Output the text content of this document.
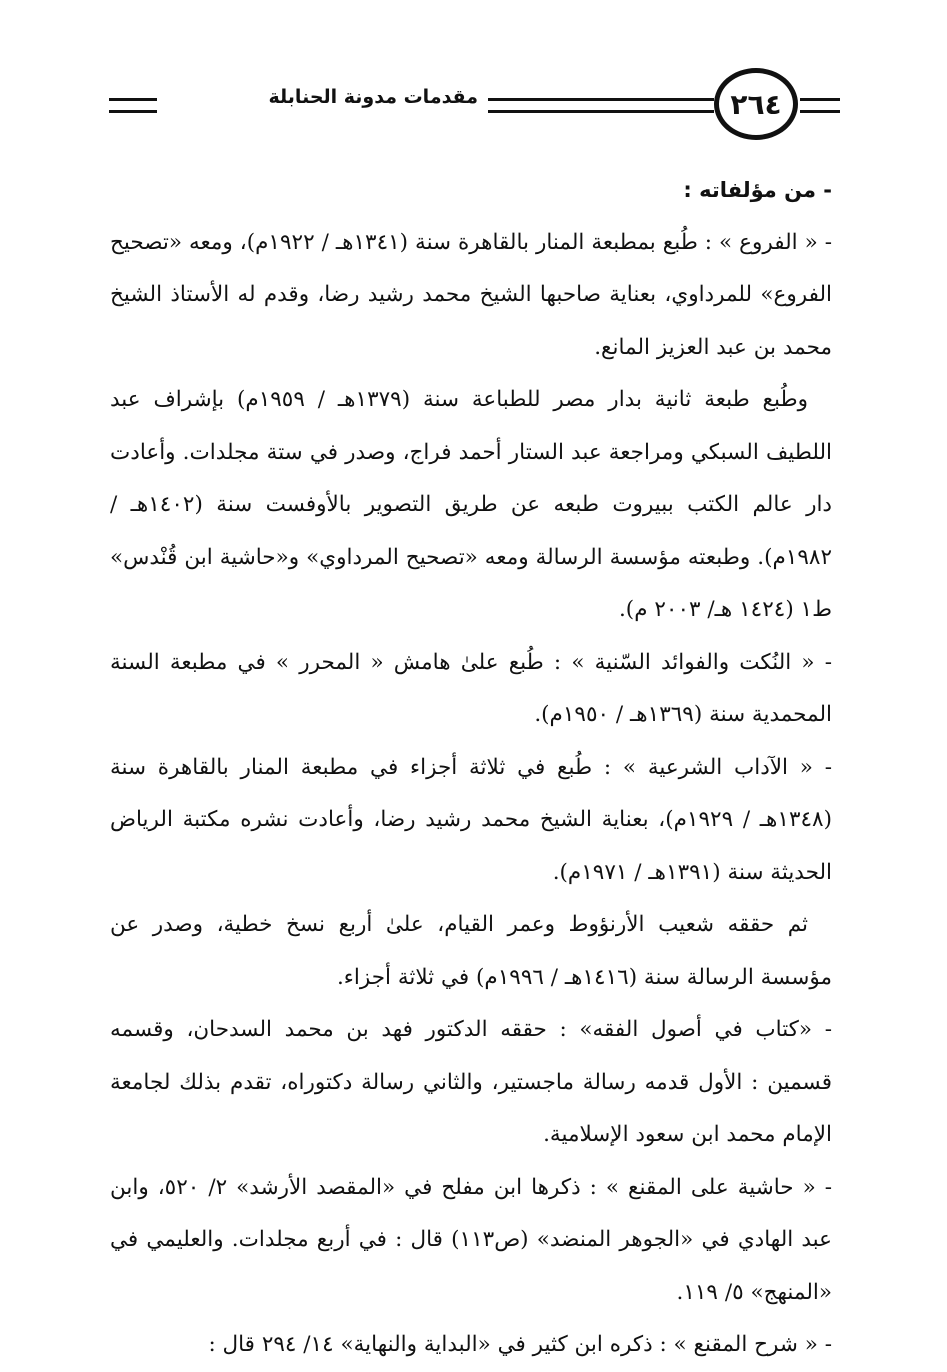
٢٦٤
مقدمات مدونة الحنابلة

- من مؤلفاته :

- « الفروع » : طُبع بمطبعة المنار بالقاهرة سنة (١٣٤١هـ / ١٩٢٢م)، ومعه «تصحيح الفروع» للمرداوي، بعناية صاحبها الشيخ محمد رشيد رضا، وقدم له الأستاذ الشيخ محمد بن عبد العزيز المانع.

وطُبع طبعة ثانية بدار مصر للطباعة سنة (١٣٧٩هـ / ١٩٥٩م) بإشراف عبد اللطيف السبكي ومراجعة عبد الستار أحمد فراج، وصدر في ستة مجلدات. وأعادت دار عالم الكتب ببيروت طبعه عن طريق التصوير بالأوفست سنة (١٤٠٢هـ / ١٩٨٢م). وطبعته مؤسسة الرسالة ومعه «تصحيح المرداوي» و«حاشية ابن قُنْدس» ط١ (١٤٢٤ هـ/ ٢٠٠٣ م).

- « النُكت والفوائد السّنية » : طُبع علىٰ هامش « المحرر » في مطبعة السنة المحمدية سنة (١٣٦٩هـ / ١٩٥٠م).

- « الآداب الشرعية » : طُبع في ثلاثة أجزاء في مطبعة المنار بالقاهرة سنة (١٣٤٨هـ / ١٩٢٩م)، بعناية الشيخ محمد رشيد رضا، وأعادت نشره مكتبة الرياض الحديثة سنة (١٣٩١هـ / ١٩٧١م).

ثم حققه شعيب الأرنؤوط وعمر القيام، علىٰ أربع نسخ خطية، وصدر عن مؤسسة الرسالة سنة (١٤١٦هـ / ١٩٩٦م) في ثلاثة أجزاء.

- «كتاب في أصول الفقه» : حققه الدكتور فهد بن محمد السدحان، وقسمه قسمين : الأول قدمه رسالة ماجستير، والثاني رسالة دكتوراه، تقدم بذلك لجامعة الإمام محمد ابن سعود الإسلامية.

- « حاشية على المقنع » : ذكرها ابن مفلح في «المقصد الأرشد» ٢/ ٥٢٠، وابن عبد الهادي في «الجوهر المنضد» (ص١١٣) قال : في أربع مجلدات. والعليمي في «المنهج» ٥/ ١١٩.

- « شرح المقنع » : ذكره ابن كثير في «البداية والنهاية» ١٤/ ٢٩٤ قال :
